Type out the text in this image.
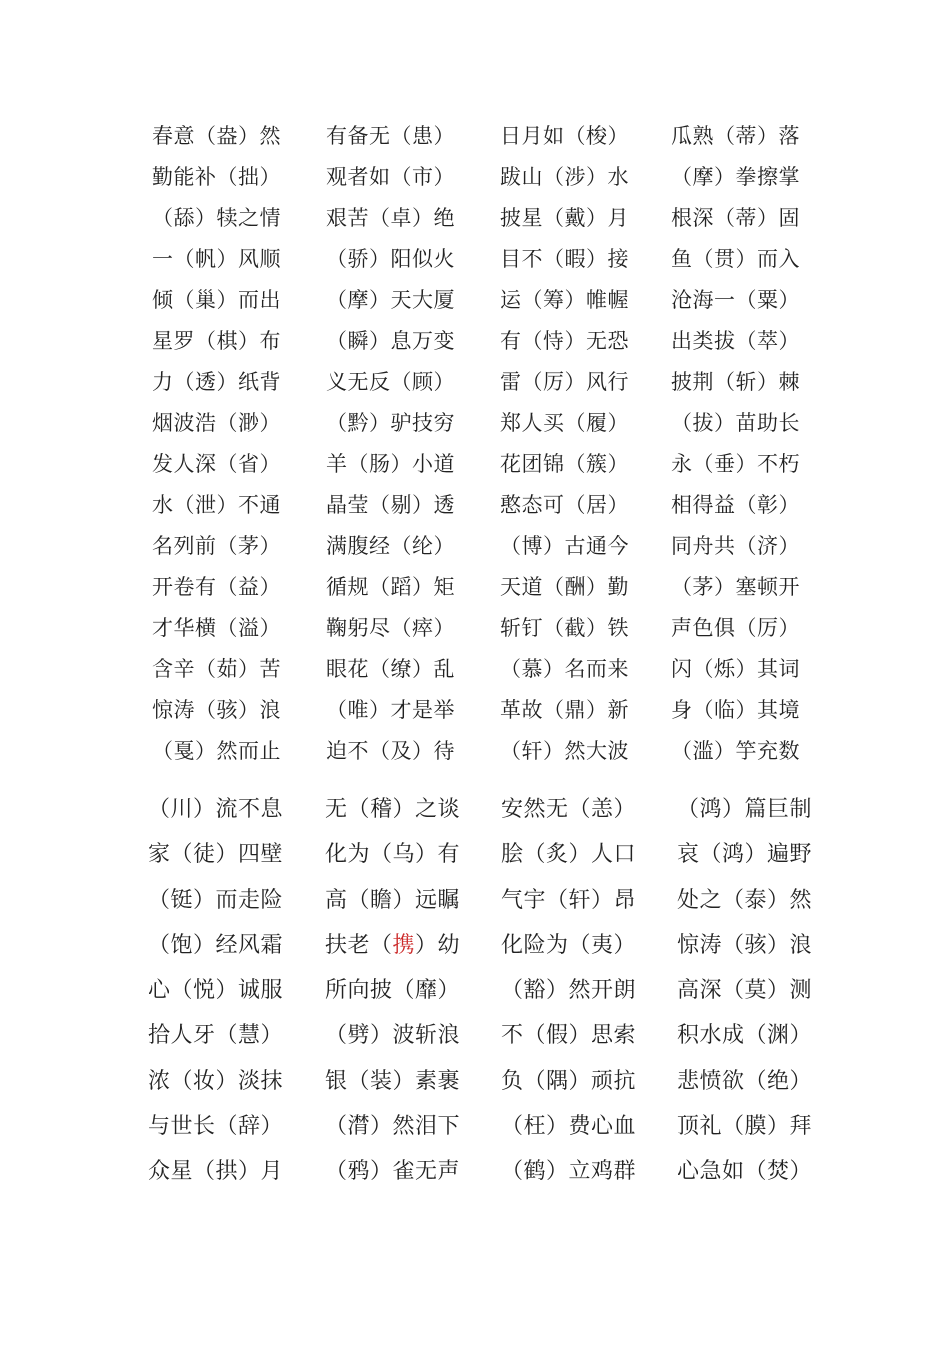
春意（盎）然	有备无（患）	日月如（梭）	瓜熟（蒂）落
勤能补（拙）	观者如（市）	跋山（涉）水	（摩）拳擦掌
（舔）犊之情	艰苦（卓）绝	披星（戴）月	根深（蒂）固
一（帆）风顺	（骄）阳似火	目不（暇）接	鱼（贯）而入
倾（巢）而出	（摩）天大厦	运（筹）帷幄	沧海一（粟）
星罗（棋）布	（瞬）息万变	有（恃）无恐	出类拔（萃）
力（透）纸背	义无反（顾）	雷（厉）风行	披荆（斩）棘
烟波浩（渺）	（黔）驴技穷	郑人买（履）	（拔）苗助长
发人深（省）	羊（肠）小道	花团锦（簇）	永（垂）不朽
水（泄）不通	晶莹（剔）透	憨态可（居）	相得益（彰）
名列前（茅）	满腹经（纶）	（博）古通今	同舟共（济）
开卷有（益）	循规（蹈）矩	天道（酬）勤	（茅）塞顿开
才华横（溢）	鞠躬尽（瘁）	斩钉（截）铁	声色俱（厉）
含辛（茹）苦	眼花（缭）乱	（慕）名而来	闪（烁）其词
惊涛（骇）浪	（唯）才是举	革故（鼎）新	身（临）其境
（戛）然而止	迫不（及）待	（轩）然大波	（滥）竽充数
（川）流不息	无（稽）之谈	安然无（恙）	（鸿）篇巨制
家（徒）四壁	化为（乌）有	脍（炙）人口	哀（鸿）遍野
（铤）而走险	高（瞻）远瞩	气宇（轩）昂	处之（泰）然
（饱）经风霜	扶老（携）幼	化险为（夷）	惊涛（骇）浪
心（悦）诚服	所向披（靡）	（豁）然开朗	高深（莫）测
拾人牙（慧）	（劈）波斩浪	不（假）思索	积水成（渊）
浓（妆）淡抹	银（装）素裹	负（隅）顽抗	悲愤欲（绝）
与世长（辞）	（潸）然泪下	（枉）费心血	顶礼（膜）拜
众星（拱）月	（鸦）雀无声	（鹤）立鸡群	心急如（焚）
